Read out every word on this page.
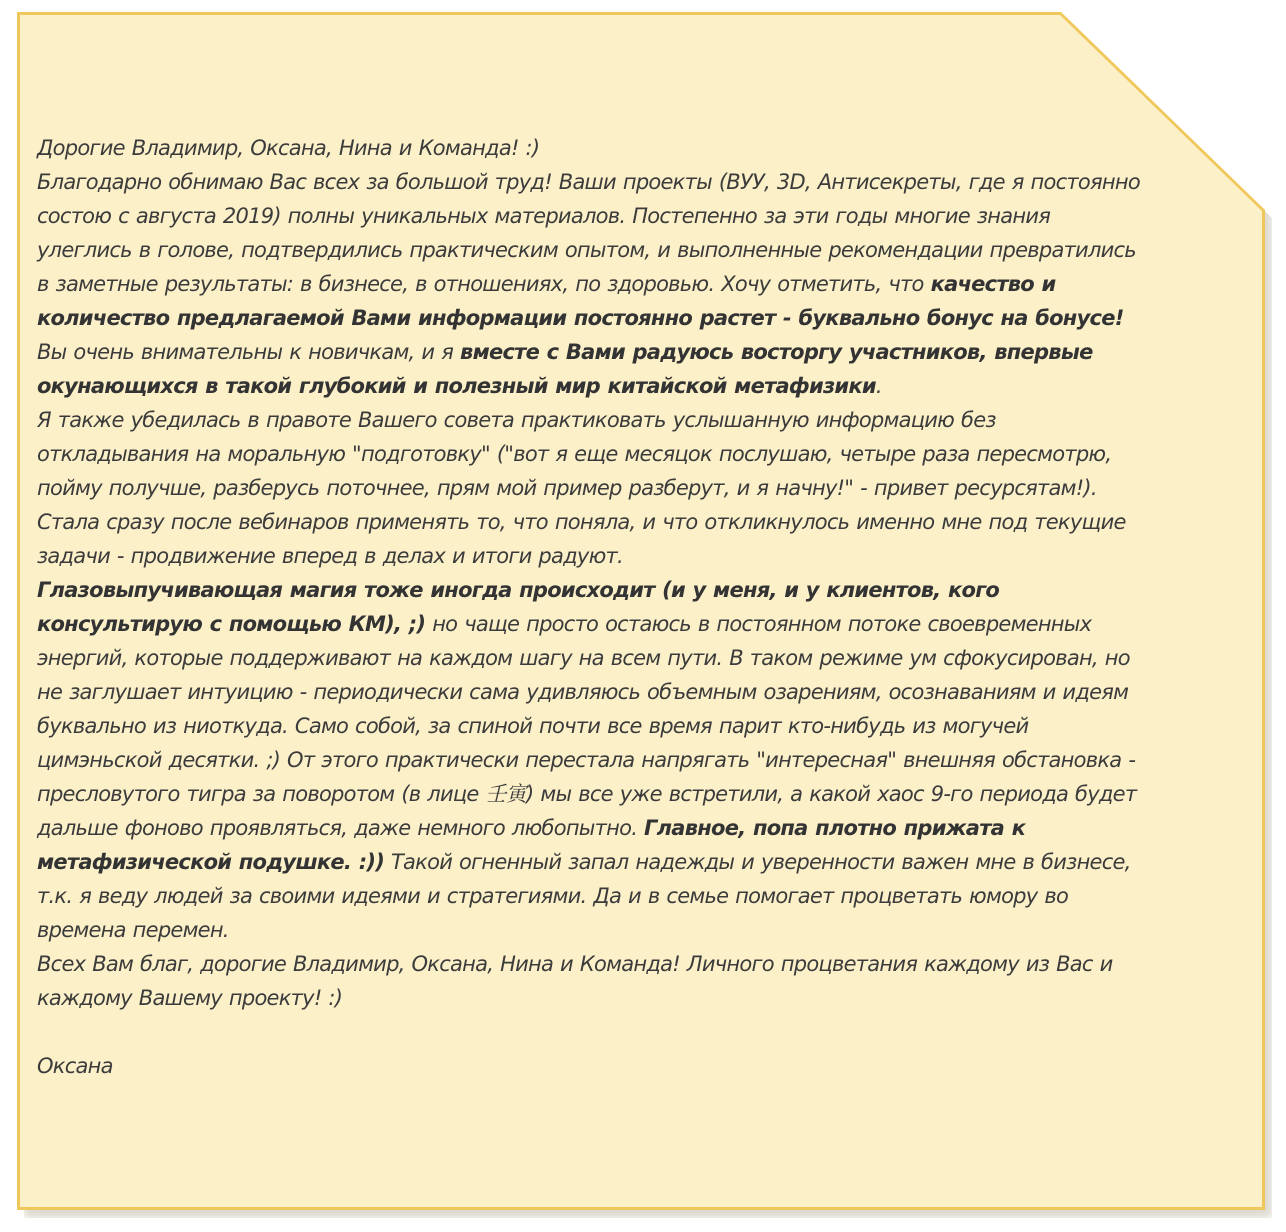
Дорогие Владимир, Оксана, Нина и Команда! :)

Благодарно обнимаю Вас всех за большой труд! Ваши проекты (ВУУ, 3D, Антисекреты, где я постоянно состою с августа 2019) полны уникальных материалов. Постепенно за эти годы многие знания улеглись в голове, подтвердились практическим опытом, и выполненные рекомендации превратились в заметные результаты: в бизнесе, в отношениях, по здоровью. Хочу отметить, что качество и количество предлагаемой Вами информации постоянно растет - буквально бонус на бонусе! Вы очень внимательны к новичкам, и я вместе с Вами радуюсь восторгу участников, впервые окунающихся в такой глубокий и полезный мир китайской метафизики.

Я также убедилась в правоте Вашего совета практиковать услышанную информацию без откладывания на моральную "подготовку" ("вот я еще месяцок послушаю, четыре раза пересмотрю, пойму получше, разберусь поточнее, прям мой пример разберут, и я начну!" - привет ресурсятам!). Стала сразу после вебинаров применять то, что поняла, и что откликнулось именно мне под текущие задачи - продвижение вперед в делах и итоги радуют.

Глазовыпучивающая магия тоже иногда происходит (и у меня, и у клиентов, кого консультирую с помощью КМ), ;) но чаще просто остаюсь в постоянном потоке своевременных энергий, которые поддерживают на каждом шагу на всем пути. В таком режиме ум сфокусирован, но не заглушает интуицию - периодически сама удивляюсь объемным озарениям, осознаваниям и идеям буквально из ниоткуда. Само собой, за спиной почти все время парит кто-нибудь из могучей цимэньской десятки. ;) От этого практически перестала напрягать "интересная" внешняя обстановка - пресловутого тигра за поворотом (в лице 壬寅) мы все уже встретили, а какой хаос 9-го периода будет дальше фоново проявляться, даже немного любопытно. Главное, попа плотно прижата к метафизической подушке. :)) Такой огненный запал надежды и уверенности важен мне в бизнесе, т.к. я веду людей за своими идеями и стратегиями. Да и в семье помогает процветать юмору во времена перемен.

Всех Вам благ, дорогие Владимир, Оксана, Нина и Команда! Личного процветания каждому из Вас и каждому Вашему проекту! :)

Оксана
